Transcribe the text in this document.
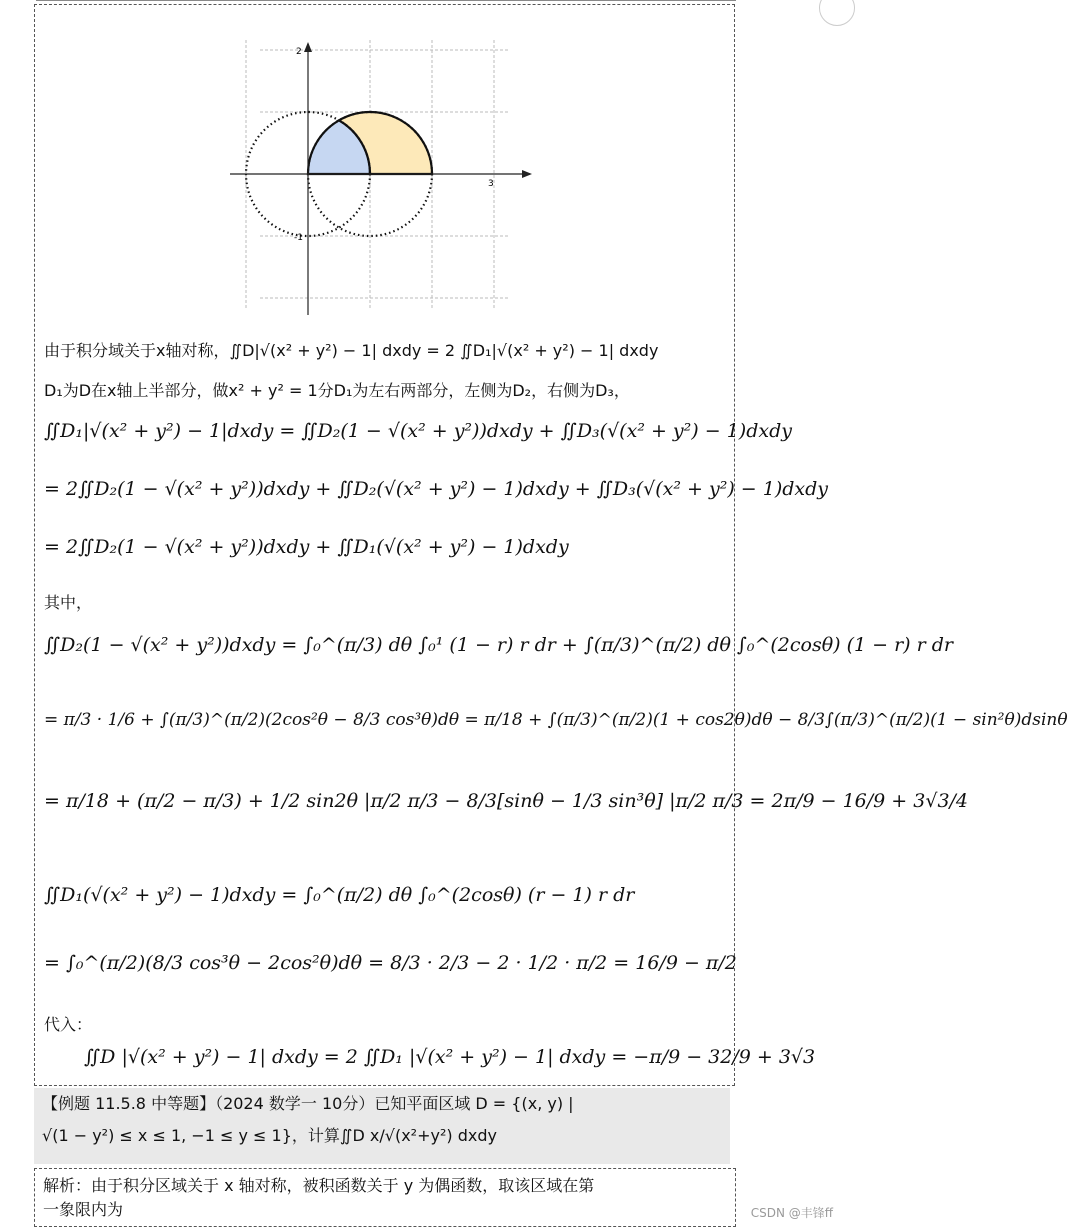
3
2
-1
由于积分域关于x轴对称，∬D|√(x² + y²) − 1| dxdy = 2 ∬D₁|√(x² + y²) − 1| dxdy
D₁为D在x轴上半部分，做x² + y² = 1分D₁为左右两部分，左侧为D₂，右侧为D₃，
∬D₁|√(x² + y²) − 1|dxdy = ∬D₂(1 − √(x² + y²))dxdy + ∬D₃(√(x² + y²) − 1)dxdy
= 2∬D₂(1 − √(x² + y²))dxdy + ∬D₂(√(x² + y²) − 1)dxdy + ∬D₃(√(x² + y²) − 1)dxdy
= 2∬D₂(1 − √(x² + y²))dxdy + ∬D₁(√(x² + y²) − 1)dxdy
其中，
∬D₂(1 − √(x² + y²))dxdy = ∫₀^(π/3) dθ ∫₀¹ (1 − r) r dr + ∫(π/3)^(π/2) dθ ∫₀^(2cosθ) (1 − r) r dr
= π/3 · 1/6 + ∫(π/3)^(π/2)(2cos²θ − 8/3 cos³θ)dθ = π/18 + ∫(π/3)^(π/2)(1 + cos2θ)dθ − 8/3∫(π/3)^(π/2)(1 − sin²θ)dsinθ
= π/18 + (π/2 − π/3) + 1/2 sin2θ |π/2 π/3 − 8/3[sinθ − 1/3 sin³θ] |π/2 π/3 = 2π/9 − 16/9 + 3√3/4
∬D₁(√(x² + y²) − 1)dxdy = ∫₀^(π/2) dθ ∫₀^(2cosθ) (r − 1) r dr
= ∫₀^(π/2)(8/3 cos³θ − 2cos²θ)dθ = 8/3 · 2/3 − 2 · 1/2 · π/2 = 16/9 − π/2
代入：
∬D |√(x² + y²) − 1| dxdy = 2 ∬D₁ |√(x² + y²) − 1| dxdy = −π/9 − 32/9 + 3√3
【例题 11.5.8 中等题】（2024 数学一 10分）已知平面区域 D = {(x, y) |
√(1 − y²) ≤ x ≤ 1, −1 ≤ y ≤ 1}，计算∬D x/√(x²+y²) dxdy
解析：由于积分区域关于 x 轴对称，被积函数关于 y 为偶函数，取该区域在第
一象限内为	CSDN @丰锋ff
